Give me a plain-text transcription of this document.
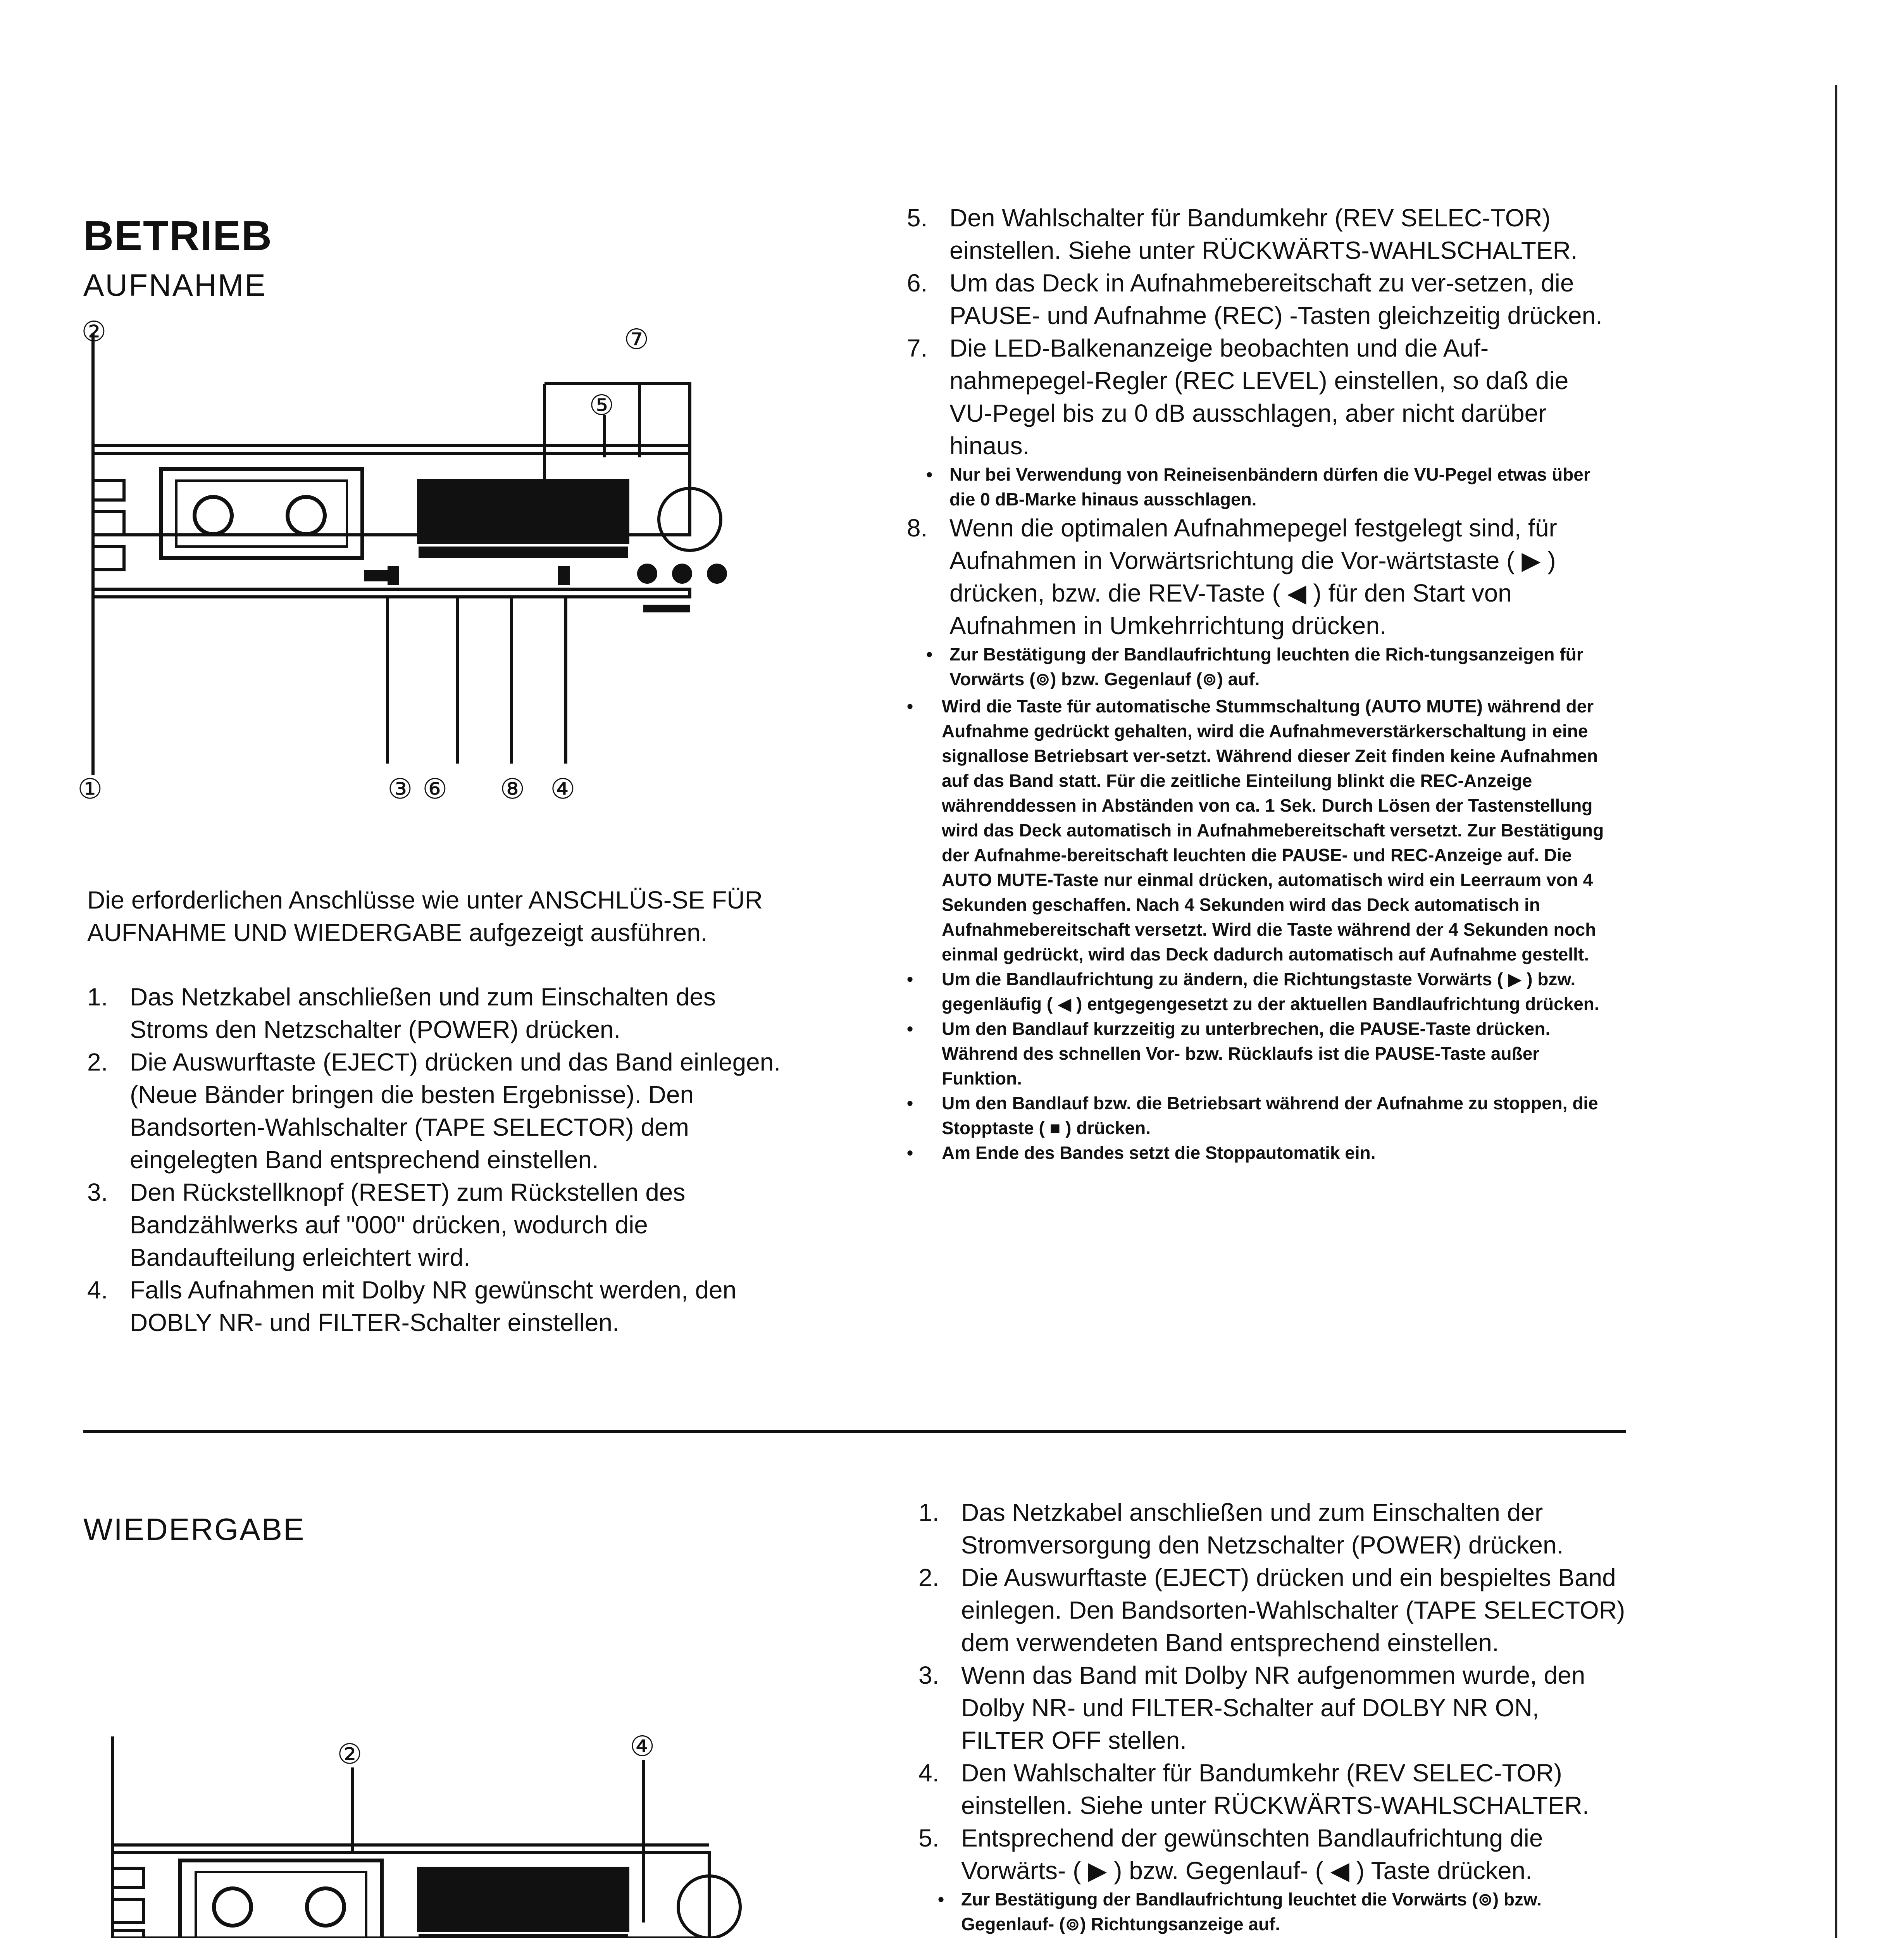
BETRIEB
AUFNAHME
②	⑦
⑤
①	③ ⑥ ⑧ ④
Die erforderlichen Anschlüsse wie unter ANSCHLÜS-SE FÜR AUFNAHME UND WIEDERGABE aufgezeigt ausführen.
1. Das Netzkabel anschließen und zum Einschalten des Stroms den Netzschalter (POWER) drücken.
2. Die Auswurftaste (EJECT) drücken und das Band einlegen. (Neue Bänder bringen die besten Ergebnisse). Den Bandsorten-Wahlschalter (TAPE SELECTOR) dem eingelegten Band entsprechend einstellen.
3. Den Rückstellknopf (RESET) zum Rückstellen des Bandzählwerks auf "000" drücken, wodurch die Bandaufteilung erleichtert wird.
4. Falls Aufnahmen mit Dolby NR gewünscht werden, den DOBLY NR- und FILTER-Schalter einstellen.
5. Den Wahlschalter für Bandumkehr (REV SELEC-TOR) einstellen. Siehe unter RÜCKWÄRTS-WAHLSCHALTER.
6. Um das Deck in Aufnahmebereitschaft zu ver-setzen, die PAUSE- und Aufnahme (REC) -Tasten gleichzeitig drücken.
7. Die LED-Balkenanzeige beobachten und die Auf-nahmepegel-Regler (REC LEVEL) einstellen, so daß die VU-Pegel bis zu 0 dB ausschlagen, aber nicht darüber hinaus.
• Nur bei Verwendung von Reineisenbändern dürfen die VU-Pegel etwas über die 0 dB-Marke hinaus ausschlagen.
8. Wenn die optimalen Aufnahmepegel festgelegt sind, für Aufnahmen in Vorwärtsrichtung die Vor-wärtstaste ( ▶ ) drücken, bzw. die REV-Taste ( ◀ ) für den Start von Aufnahmen in Umkehrrichtung drücken.
• Zur Bestätigung der Bandlaufrichtung leuchten die Rich-tungsanzeigen für Vorwärts (⊚) bzw. Gegenlauf (⊚) auf.
• Wird die Taste für automatische Stummschaltung (AUTO MUTE) während der Aufnahme gedrückt gehalten, wird die Aufnahmeverstärkerschaltung in eine signallose Betriebsart ver-setzt. Während dieser Zeit finden keine Aufnahmen auf das Band statt. Für die zeitliche Einteilung blinkt die REC-Anzeige währenddessen in Abständen von ca. 1 Sek. Durch Lösen der Tastenstellung wird das Deck automatisch in Aufnahmebereitschaft versetzt. Zur Bestätigung der Aufnahme-bereitschaft leuchten die PAUSE- und REC-Anzeige auf. Die AUTO MUTE-Taste nur einmal drücken, automatisch wird ein Leerraum von 4 Sekunden geschaffen. Nach 4 Sekunden wird das Deck automatisch in Aufnahmebereitschaft versetzt. Wird die Taste während der 4 Sekunden noch einmal gedrückt, wird das Deck dadurch automatisch auf Aufnahme gestellt.
• Um die Bandlaufrichtung zu ändern, die Richtungstaste Vorwärts ( ▶ ) bzw. gegenläufig ( ◀ ) entgegengesetzt zu der aktuellen Bandlaufrichtung drücken.
• Um den Bandlauf kurzzeitig zu unterbrechen, die PAUSE-Taste drücken. Während des schnellen Vor- bzw. Rücklaufs ist die PAUSE-Taste außer Funktion.
• Um den Bandlauf bzw. die Betriebsart während der Aufnahme zu stoppen, die Stopptaste ( ■ ) drücken.
• Am Ende des Bandes setzt die Stoppautomatik ein.
WIEDERGABE
②	④
1. Das Netzkabel anschließen und zum Einschalten der Stromversorgung den Netzschalter (POWER) drücken.
2. Die Auswurftaste (EJECT) drücken und ein bespieltes Band einlegen. Den Bandsorten-Wahlschalter (TAPE SELECTOR) dem verwendeten Band entsprechend einstellen.
3. Wenn das Band mit Dolby NR aufgenommen wurde, den Dolby NR- und FILTER-Schalter auf DOLBY NR ON, FILTER OFF stellen.
4. Den Wahlschalter für Bandumkehr (REV SELEC-TOR) einstellen. Siehe unter RÜCKWÄRTS-WAHLSCHALTER.
5. Entsprechend der gewünschten Bandlaufrichtung die Vorwärts- ( ▶ ) bzw. Gegenlauf- ( ◀ ) Taste drücken.
• Zur Bestätigung der Bandlaufrichtung leuchtet die Vorwärts (⊚) bzw. Gegenlauf- (⊚) Richtungsanzeige auf.
